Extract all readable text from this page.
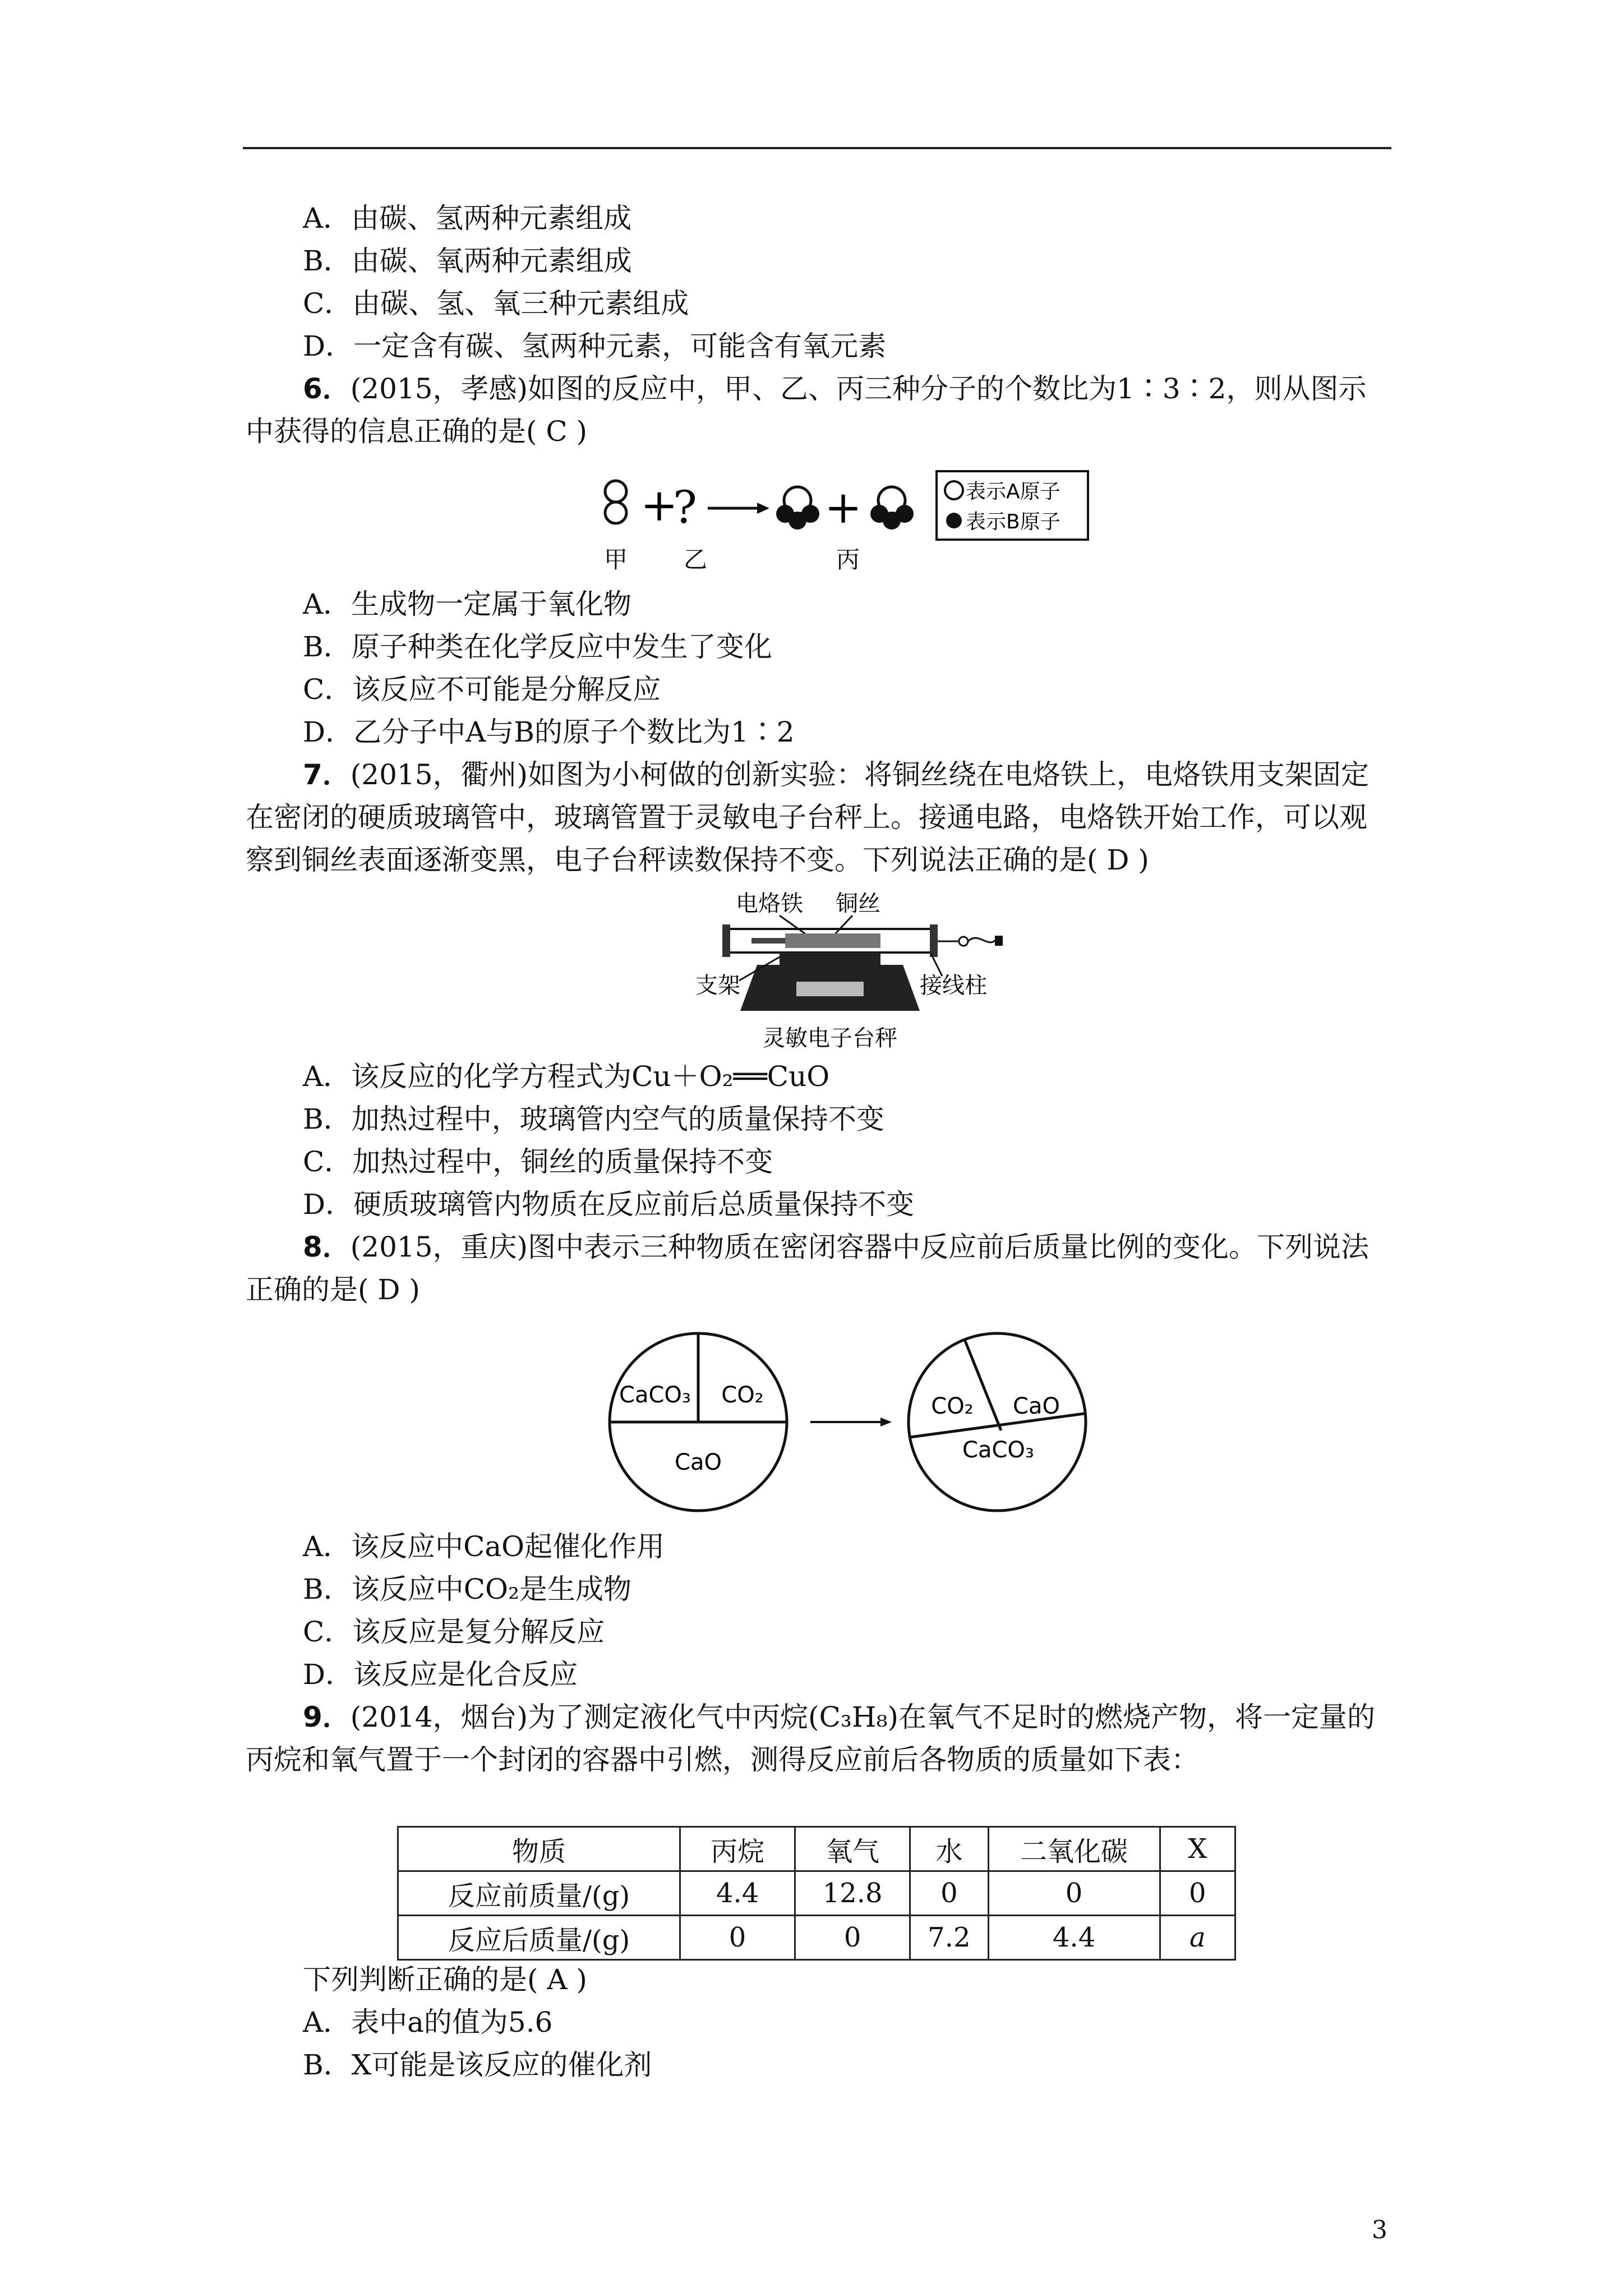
A．由碳、氢两种元素组成
B．由碳、氧两种元素组成
C．由碳、氢、氧三种元素组成
D．一定含有碳、氢两种元素，可能含有氧元素
6．(2015，孝感)如图的反应中，甲、乙、丙三种分子的个数比为1∶3∶2，则从图示
中获得的信息正确的是( C )
+
?	+
甲 乙	丙
表示A原子
表示B原子
A．生成物一定属于氧化物
B．原子种类在化学反应中发生了变化
C．该反应不可能是分解反应
D．乙分子中A与B的原子个数比为1∶2
7．(2015，衢州)如图为小柯做的创新实验：将铜丝绕在电烙铁上，电烙铁用支架固定
在密闭的硬质玻璃管中，玻璃管置于灵敏电子台秤上。接通电路，电烙铁开始工作，可以观
察到铜丝表面逐渐变黑，电子台秤读数保持不变。下列说法正确的是( D )
电烙铁 铜丝
支架	接线柱
灵敏电子台秤
A．该反应的化学方程式为Cu＋O₂══CuO
B．加热过程中，玻璃管内空气的质量保持不变
C．加热过程中，铜丝的质量保持不变
D．硬质玻璃管内物质在反应前后总质量保持不变
8．(2015，重庆)图中表示三种物质在密闭容器中反应前后质量比例的变化。下列说法
正确的是( D )
CaCO₃ CO₂
CaO
CO₂ CaO
CaCO₃
A．该反应中CaO起催化作用
B．该反应中CO₂是生成物
C．该反应是复分解反应
D．该反应是化合反应
9．(2014，烟台)为了测定液化气中丙烷(C₃H₈)在氧气不足时的燃烧产物，将一定量的
丙烷和氧气置于一个封闭的容器中引燃，测得反应前后各物质的质量如下表：
物质	丙烷	氧气	水	二氧化碳	X
反应前质量/(g)	4.4	12.8	0	0	0
反应后质量/(g)	0	0	7.2	4.4	a
下列判断正确的是( A )
A．表中a的值为5.6
B．X可能是该反应的催化剂
3
